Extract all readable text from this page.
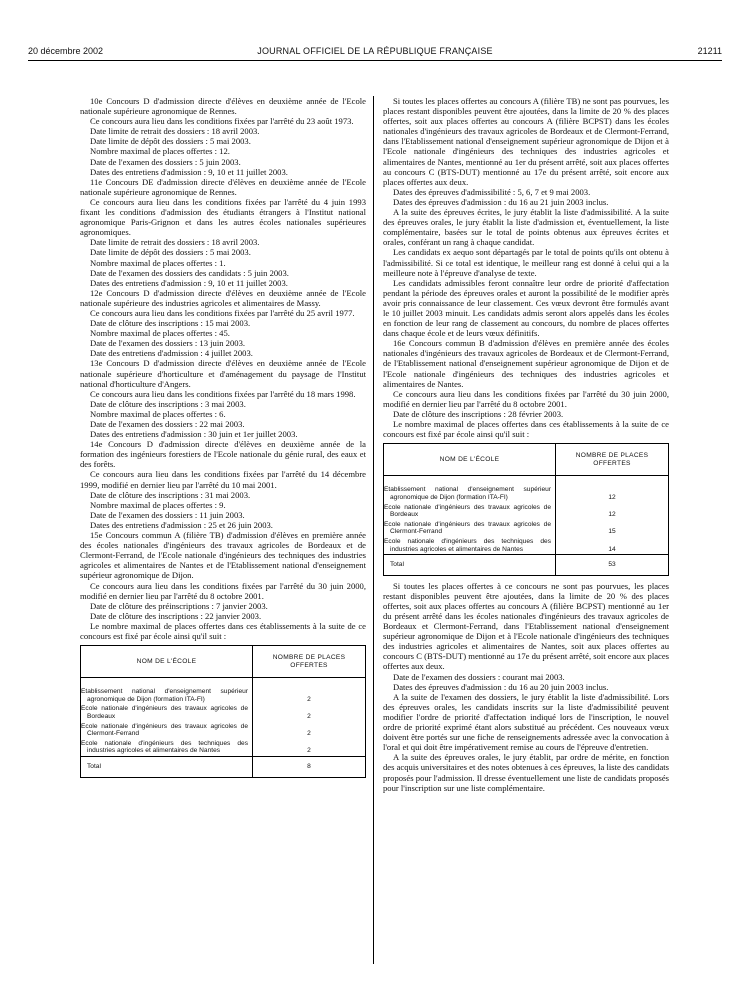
20 décembre 2002	JOURNAL OFFICIEL DE LA RÉPUBLIQUE FRANÇAISE	21211

10e Concours D d'admission directe d'élèves en deuxième année de l'Ecole nationale supérieure agronomique de Rennes.

Ce concours aura lieu dans les conditions fixées par l'arrêté du 23 août 1973.

Date limite de retrait des dossiers : 18 avril 2003.

Date limite de dépôt des dossiers : 5 mai 2003.

Nombre maximal de places offertes : 12.

Date de l'examen des dossiers : 5 juin 2003.

Dates des entretiens d'admission : 9, 10 et 11 juillet 2003.

11e Concours DE d'admission directe d'élèves en deuxième année de l'Ecole nationale supérieure agronomique de Rennes.

Ce concours aura lieu dans les conditions fixées par l'arrêté du 4 juin 1993 fixant les conditions d'admission des étudiants étrangers à l'Institut national agronomique Paris-Grignon et dans les autres écoles nationales supérieures agronomiques.

Date limite de retrait des dossiers : 18 avril 2003.

Date limite de dépôt des dossiers : 5 mai 2003.

Nombre maximal de places offertes : 1.

Date de l'examen des dossiers des candidats : 5 juin 2003.

Dates des entretiens d'admission : 9, 10 et 11 juillet 2003.

12e Concours D d'admission directe d'élèves en deuxième année de l'Ecole nationale supérieure des industries agricoles et alimentaires de Massy.

Ce concours aura lieu dans les conditions fixées par l'arrêté du 25 avril 1977.

Date de clôture des inscriptions : 15 mai 2003.

Nombre maximal de places offertes : 45.

Date de l'examen des dossiers : 13 juin 2003.

Date des entretiens d'admission : 4 juillet 2003.

13e Concours D d'admission directe d'élèves en deuxième année de l'Ecole nationale supérieure d'horticulture et d'aménagement du paysage de l'Institut national d'horticulture d'Angers.

Ce concours aura lieu dans les conditions fixées par l'arrêté du 18 mars 1998.

Date de clôture des inscriptions : 3 mai 2003.

Nombre maximal de places offertes : 6.

Date de l'examen des dossiers : 22 mai 2003.

Dates des entretiens d'admission : 30 juin et 1er juillet 2003.

14e Concours D d'admission directe d'élèves en deuxième année de la formation des ingénieurs forestiers de l'Ecole nationale du génie rural, des eaux et des forêts.

Ce concours aura lieu dans les conditions fixées par l'arrêté du 14 décembre 1999, modifié en dernier lieu par l'arrêté du 10 mai 2001.

Date de clôture des inscriptions : 31 mai 2003.

Nombre maximal de places offertes : 9.

Date de l'examen des dossiers : 11 juin 2003.

Dates des entretiens d'admission : 25 et 26 juin 2003.

15e Concours commun A (filière TB) d'admission d'élèves en première année des écoles nationales d'ingénieurs des travaux agricoles de Bordeaux et de Clermont-Ferrand, de l'Ecole nationale d'ingénieurs des techniques des industries agricoles et alimentaires de Nantes et de l'Etablissement national d'enseignement supérieur agronomique de Dijon.

Ce concours aura lieu dans les conditions fixées par l'arrêté du 30 juin 2000, modifié en dernier lieu par l'arrêté du 8 octobre 2001.

Date de clôture des préinscriptions : 7 janvier 2003.

Date de clôture des inscriptions : 22 janvier 2003.

Le nombre maximal de places offertes dans ces établissements à la suite de ce concours est fixé par école ainsi qu'il suit :

NOM DE L'ÉCOLE	NOMBRE DE PLACES OFFERTES
Etablissement national d'enseignement supérieur agronomique de Dijon (formation ITA-FI)	2
Ecole nationale d'ingénieurs des travaux agricoles de Bordeaux	2
Ecole nationale d'ingénieurs des travaux agricoles de Clermont-Ferrand	2
Ecole nationale d'ingénieurs des techniques des industries agricoles et alimentaires de Nantes	2
Total	8

Si toutes les places offertes au concours A (filière TB) ne sont pas pourvues, les places restant disponibles peuvent être ajoutées, dans la limite de 20 % des places offertes, soit aux places offertes au concours A (filière BCPST) dans les écoles nationales d'ingénieurs des travaux agricoles de Bordeaux et de Clermont-Ferrand, dans l'Etablissement national d'enseignement supérieur agronomique de Dijon et à l'Ecole nationale d'ingénieurs des techniques des industries agricoles et alimentaires de Nantes, mentionné au 1er du présent arrêté, soit aux places offertes au concours C (BTS-DUT) mentionné au 17e du présent arrêté, soit encore aux places offertes aux deux.

Dates des épreuves d'admissibilité : 5, 6, 7 et 9 mai 2003.

Dates des épreuves d'admission : du 16 au 21 juin 2003 inclus.

A la suite des épreuves écrites, le jury établit la liste d'admissibilité. A la suite des épreuves orales, le jury établit la liste d'admission et, éventuellement, la liste complémentaire, basées sur le total de points obtenus aux épreuves écrites et orales, conférant un rang à chaque candidat.

Les candidats ex aequo sont départagés par le total de points qu'ils ont obtenu à l'admissibilité. Si ce total est identique, le meilleur rang est donné à celui qui a la meilleure note à l'épreuve d'analyse de texte.

Les candidats admissibles feront connaître leur ordre de priorité d'affectation pendant la période des épreuves orales et auront la possibilité de le modifier après avoir pris connaissance de leur classement. Ces vœux devront être formulés avant le 10 juillet 2003 minuit. Les candidats admis seront alors appelés dans les écoles en fonction de leur rang de classement au concours, du nombre de places offertes dans chaque école et de leurs vœux définitifs.

16e Concours commun B d'admission d'élèves en première année des écoles nationales d'ingénieurs des travaux agricoles de Bordeaux et de Clermont-Ferrand, de l'Etablissement national d'enseignement supérieur agronomique de Dijon et de l'Ecole nationale d'ingénieurs des techniques des industries agricoles et alimentaires de Nantes.

Ce concours aura lieu dans les conditions fixées par l'arrêté du 30 juin 2000, modifié en dernier lieu par l'arrêté du 8 octobre 2001.

Date de clôture des inscriptions : 28 février 2003.

Le nombre maximal de places offertes dans ces établissements à la suite de ce concours est fixé par école ainsi qu'il suit :

NOM DE L'ÉCOLE	NOMBRE DE PLACES OFFERTES
Etablissement national d'enseignement supérieur agronomique de Dijon (formation ITA-FI)	12
Ecole nationale d'ingénieurs des travaux agricoles de Bordeaux	12
Ecole nationale d'ingénieurs des travaux agricoles de Clermont-Ferrand	15
Ecole nationale d'ingénieurs des techniques des industries agricoles et alimentaires de Nantes	14
Total	53

Si toutes les places offertes à ce concours ne sont pas pourvues, les places restant disponibles peuvent être ajoutées, dans la limite de 20 % des places offertes, soit aux places offertes au concours A (filière BCPST) mentionné au 1er du présent arrêté dans les écoles nationales d'ingénieurs des travaux agricoles de Bordeaux et Clermont-Ferrand, dans l'Etablissement national d'enseignement supérieur agronomique de Dijon et à l'Ecole nationale d'ingénieurs des techniques des industries agricoles et alimentaires de Nantes, soit aux places offertes au concours C (BTS-DUT) mentionné au 17e du présent arrêté, soit encore aux places offertes aux deux.

Date de l'examen des dossiers : courant mai 2003.

Dates des épreuves d'admission : du 16 au 20 juin 2003 inclus.

A la suite de l'examen des dossiers, le jury établit la liste d'admissibilité. Lors des épreuves orales, les candidats inscrits sur la liste d'admissibilité peuvent modifier l'ordre de priorité d'affectation indiqué lors de l'inscription, le nouvel ordre de priorité exprimé étant alors substitué au précédent. Ces nouveaux vœux doivent être portés sur une fiche de renseignements adressée avec la convocation à l'oral et qui doit être impérativement remise au cours de l'épreuve d'entretien.

A la suite des épreuves orales, le jury établit, par ordre de mérite, en fonction des acquis universitaires et des notes obtenues à ces épreuves, la liste des candidats proposés pour l'admission. Il dresse éventuellement une liste de candidats proposés pour l'inscription sur une liste complémentaire.
